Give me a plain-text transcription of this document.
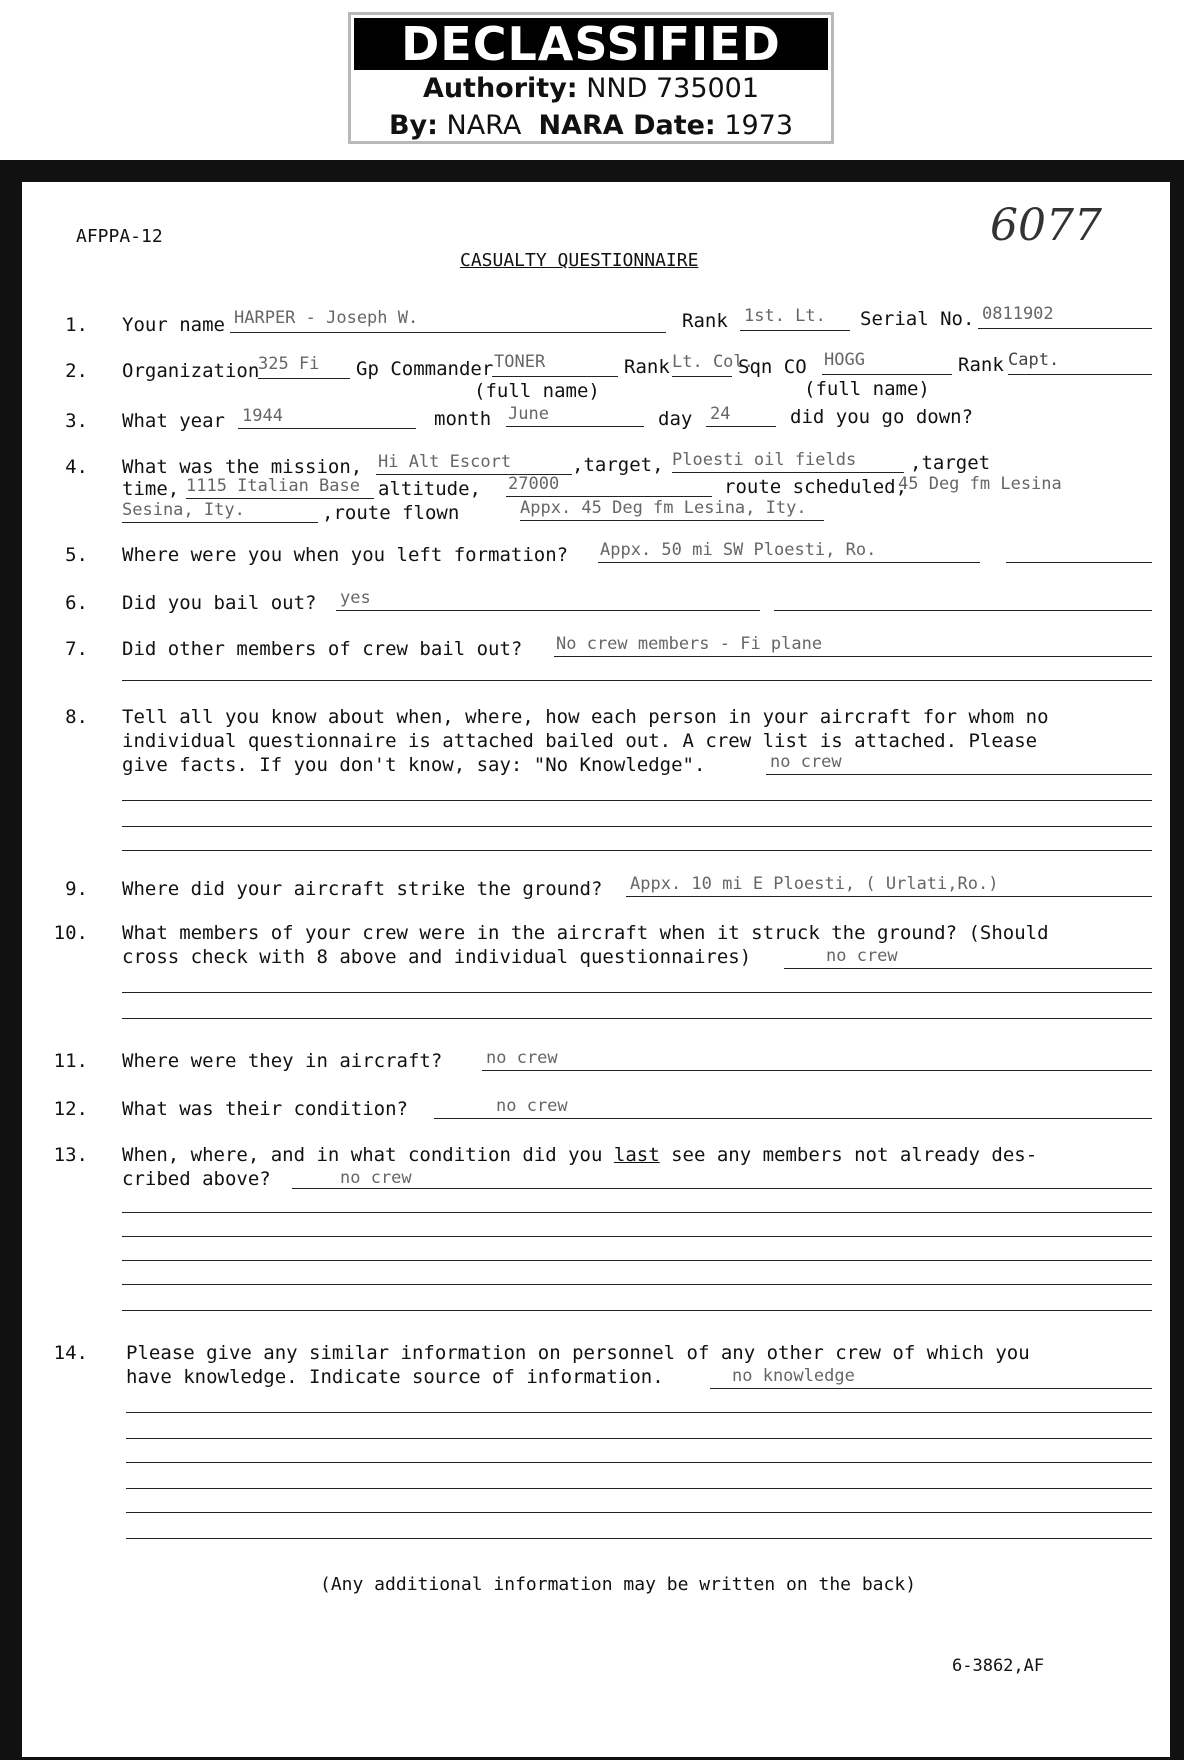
DECLASSIFIED
Authority: NND 735001
By: NARA NARA Date: 1973
AFPPA-12
CASUALTY QUESTIONNAIRE
6077
1. Your name HARPER - Joseph W.	Rank 1st. Lt. Serial No. 0811902
2. Organization
325 Fi Gp Commander TONER
(full name)
Rank Lt. Col.
Sqn CO HOGG
(full name)
Rank Capt.
3. What year 1944	month June	day 24	did you go down?
4. What was the mission, Hi Alt Escort	,target, Ploesti oil fields	,target
time, 1115 Italian Base altitude, 27000	route scheduled,
45 Deg fm Lesina
Sesina, Ity.	,route flown	Appx. 45 Deg fm Lesina, Ity.
5. Where were you when you left formation? Appx. 50 mi SW Ploesti, Ro.
6. Did you bail out? yes
7. Did other members of crew bail out? No crew members - Fi plane
8. Tell all you know about when, where, how each person in your aircraft for whom no
individual questionnaire is attached bailed out. A crew list is attached. Please
give facts. If you don't know, say: "No Knowledge".	no crew
9. Where did your aircraft strike the ground? Appx. 10 mi E Ploesti, ( Urlati,Ro.)
10. What members of your crew were in the aircraft when it struck the ground? (Should
cross check with 8 above and individual questionnaires)	no crew
11. Where were they in aircraft?	no crew
12. What was their condition?	no crew
13. When, where, and in what condition did you last see any members not already des-
cribed above?	no crew
14. Please give any similar information on personnel of any other crew of which you
have knowledge. Indicate source of information.	no knowledge
(Any additional information may be written on the back)
6-3862,AF
